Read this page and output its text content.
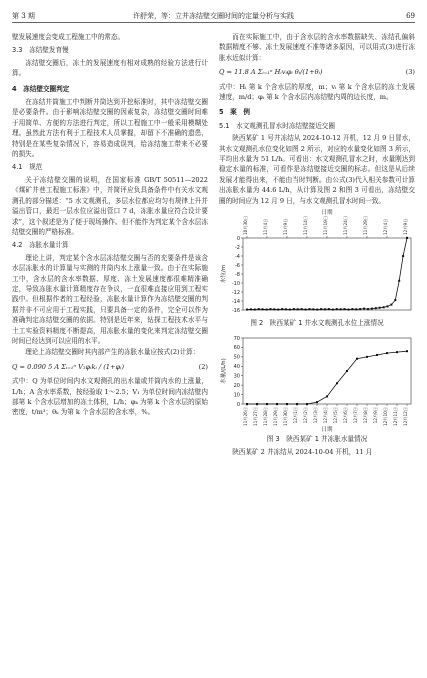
第 3 期	许舒荣，等：立井冻结壁交圈时间的定量分析与实践	69

壁发展速度会变成工程施工中的常态。

3.3　冻结壁发育慢

冻结壁交圈后，冻土的发展速度有相对成熟的经验方法进行计算。

4　冻结壁交圈判定

在冻结井筒施工中判断井筒达到开挖标准时，其中冻结壁交圈是必要条件。由于影响冻结壁交圈的因素复杂，冻结壁交圈时间难于用简单、方便的方法进行判定，所以工程施工中一般采用模糊处理。虽然此方法有利于工程技术人员掌握，却留下不准确的遗患，特别是在某些复杂情况下，容易造成误判，给冻结施工带来不必要的损失。

4.1　规范

关于冻结壁交圈的说明，在国家标准 GB/T 50511—2022《煤矿井巷工程施工标准》中，并简评应负具备条件中有关水文观测孔的部分描述：“5 水文观测孔，多层水位都应均匀有规律上升并溢出管口，最迟一层水位应溢出管口 7 d，冻胀水量应符合设计要求”，这个叙述是为了便于现场操作。但不能作为判定某个含水层冻结壁交圈的严格标准。

4.2　冻胀水量计算

理论上讲，判定某个含水层冻结壁交圈与否的充要条件是该含水层冻胀水的计算量与实测的井筒内水上涨量一致。由于在实际施工中，含水层的含水率数据、厚度、冻土发展速度都很难精准确定，导致冻胀水量计算精度存在争议，一直很难直接应用到工程实践中。但根据作者的工程经验，冻胀水量计算作为冻结壁交圈的判据并非不可应用于工程实践，只要具备一定的条件，完全可以作为准确判定冻结壁交圈的依据。特别是近年来，钻探工程技术水平与土工实验资料精度不断提高，用冻胀水量的变化来判定冻结壁交圈时间已经达到可以应用的水平。

理论上冻结壁交圈时其内部产生的冻胀水量应按式(2)计算：

Q = 0.090 5 A Σᵢ₌₁ⁿ V₁φᵢkᵢ / (1+φᵢ)	(2)

式中：Q 为单位时间内水文观测孔的出水量或井筒内水的上涨量，L/h；A 含水率系数，按经验取 1～2.5；V₁ 为单位时间内冻结壁内部第 k 个含水层增加的冻土体积，L/h；φₖ 为第 k 个含水层的原始密度，t/m³；θₖ 为第 k 个含水层的含水率，%。

而在实际施工中，由于含水层的含水率数据缺失、冻结孔偏斜数据精度不够、冻土发展速度不准等诸多原因，可以用式(3)进行冻胀水近似计算：

Q = 11.8 A Σᵢ₌₁ⁿ Hᵢvᵢφᵢ θᵢ/(1+θᵢ)	(3)

式中：Hᵢ 第 k 个含水层的厚度，m；vᵢ 第 k 个含水层的冻土发展速度，m/d；φᵢ 第 k 个含水层内冻结壁内周的边长度，m。

5　案　例

5.1　水文观测孔冒水时冻结壁接近交圈

陕西某矿 1 号井冻结从 2024-10-12 开机，12 月 9 日冒水，其水文观测孔水位变化如图 2 所示，对应的水量变化如图 3 所示，平均出水量为 51 L/h。可看出：水文观测孔冒水之时，水量刚达到稳定水量的标准，可看作是冻结壁接近交圈的标志。但这是从后续发展才能得出来，不能由当时判断。由公式(3)代入相关参数可计算出冻胀水量为 44.6 L/h，从计算及图 2 和图 3 可看出，冻结壁交圈的时间应为 12 月 9 日，与水文观测孔冒水时间一致。

-16
-14
-12
-10
-8
-6
-4
-2
0
水位/m
10月30日	11月4日	11月9日	11月14日	11月19日	11月24日	11月29日	12月4日	12月9日
日期

图 2　陕西某矿 1 井水文观测孔水位上涨情况

0
10
20
30
40
50
60
70
水量/(L/h)
11月26日 11月27日 11月28日 11月29日 11月30日 12月1日 12月2日 12月3日 12月4日 12月5日 12月6日 12月7日 12月8日 12月9日 12月10日 12月11日 12月12日
日期

图 3　陕西某矿 1 井冻胀水量情况

陕西某矿 2 井冻结从 2024-10-04 开机，11 月
